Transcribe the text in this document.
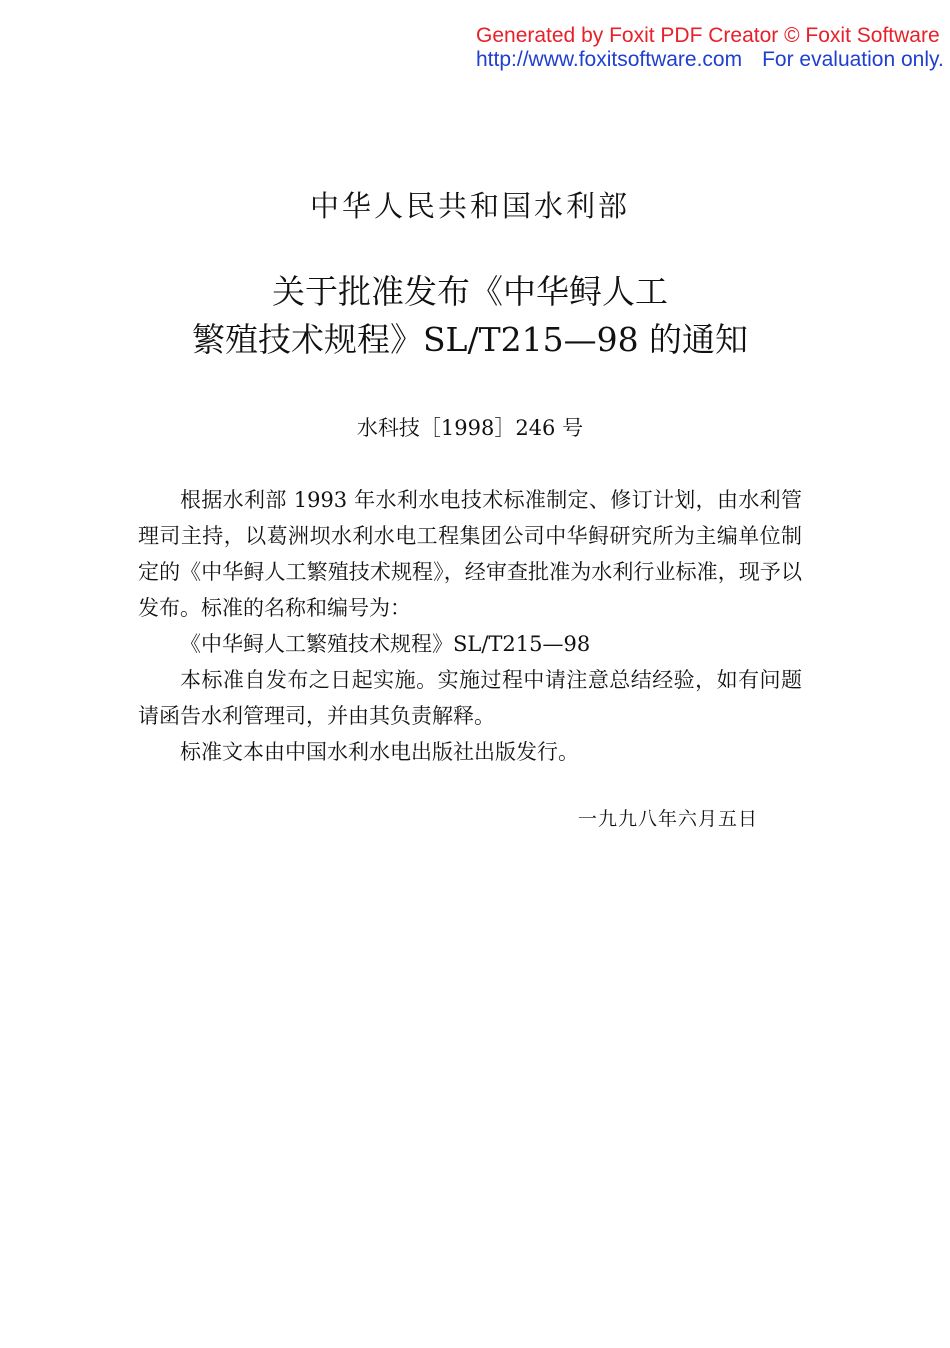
Generated by Foxit PDF Creator © Foxit Software
http://www.foxitsoftware.com For evaluation only.
中华人民共和国水利部
关于批准发布《中华鲟人工
繁殖技术规程》SL/T215—98 的通知
水科技［1998］246 号

根据水利部 1993 年水利水电技术标准制定、修订计划，由水利管理司主持，以葛洲坝水利水电工程集团公司中华鲟研究所为主编单位制定的《中华鲟人工繁殖技术规程》，经审查批准为水利行业标准，现予以发布。标准的名称和编号为：

《中华鲟人工繁殖技术规程》SL/T215—98

本标准自发布之日起实施。实施过程中请注意总结经验，如有问题请函告水利管理司，并由其负责解释。

标准文本由中国水利水电出版社出版发行。

一九九八年六月五日
